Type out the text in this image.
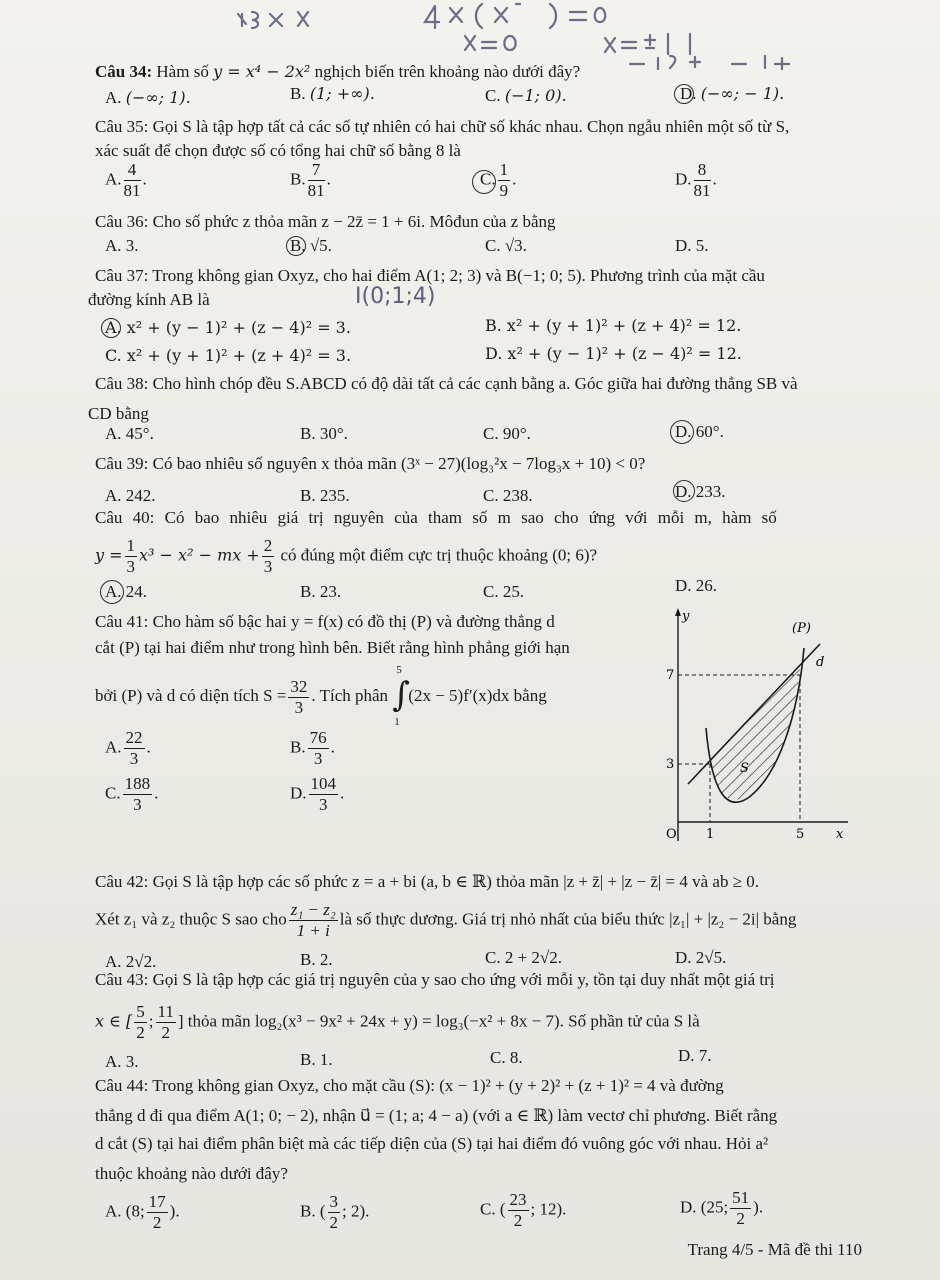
Câu 34: Hàm số y = x⁴ − 2x² nghịch biến trên khoảng nào dưới đây?
A. (−∞; 1).	B. (1; +∞).	C. (−1; 0).	D. (−∞; − 1).
Câu 35: Gọi S là tập hợp tất cả các số tự nhiên có hai chữ số khác nhau. Chọn ngẫu nhiên một số từ S,
xác suất để chọn được số có tổng hai chữ số bằng 8 là
A. $\frac{4}{81}$ .	B. $\frac{7}{81}$ .	C. $\frac{1}{9}$ .	D. $\frac{8}{81}$ .
Câu 36: Cho số phức z thỏa mãn z − 2z̄ = 1 + 6i. Môđun của z bằng
A. 3.	B. √5.	C. √3.	D. 5.
Câu 37: Trong không gian Oxyz, cho hai điểm A(1; 2; 3) và B(−1; 0; 5). Phương trình của mặt cầu
đường kính AB là	I(0;1;4)
A. x² + (y − 1)² + (z − 4)² = 3.	B. x² + (y + 1)² + (z + 4)² = 12.
C. x² + (y + 1)² + (z + 4)² = 3.	D. x² + (y − 1)² + (z − 4)² = 12.
Câu 38: Cho hình chóp đều S.ABCD có độ dài tất cả các cạnh bằng a. Góc giữa hai đường thẳng SB và
CD bằng
A. 45°.	B. 30°.	C. 90°.	D. 60°.
Câu 39: Có bao nhiêu số nguyên x thỏa mãn (3ˣ − 27)(log₃²x − 7log₃x + 10) < 0?
A. 242.	B. 235.	C. 238.	D. 233.
Câu 40: Có bao nhiêu giá trị nguyên của tham số m sao cho ứng với mỗi m, hàm số
$y = \frac{1}{3} x^3 - x^2$ − mx + $\frac{2}{3}$ có đúng một điểm cực trị thuộc khoảng (0; 6)?
A. 24.	B. 23.	C. 25.	D. 26.
Câu 41: Cho hàm số bậc hai y = f(x) có đồ thị (P) và đường thẳng d
cắt (P) tại hai điểm như trong hình bên. Biết rằng hình phẳng giới hạn
bởi (P) và d có diện tích $S = \frac{32}{3}$ . Tích phân
5
∫
1
(2x − 5)f′(x)dx bằng
A. $\frac{22}{3}$ .	B. $\frac{76}{3}$ .
C. $\frac{188}{3}$ .	D. $\frac{104}{3}$ .
y
x
O
(P)
d
S
7
3
1	5
Câu 42: Gọi S là tập hợp các số phức z = a + bi (a, b ∈ ℝ) thỏa mãn |z + z̄| + |z − z̄| = 4 và ab ≥ 0.
Xét z₁ và z₂ thuộc S sao cho $\frac{\text{z₁ − z₂}}{1 + i}$ là số thực dương. Giá trị nhỏ nhất của biểu thức |z₁| + |z₂ − 2i| bằng
A. 2√2.	B. 2.	C. 2 + 2√2.	D. 2√5.
Câu 43: Gọi S là tập hợp các giá trị nguyên của y sao cho ứng với mỗi y, tồn tại duy nhất một giá trị
x ∈ [ $\frac{5}{2}$ ; $\frac{11}{2}$ ] thỏa mãn log₂(x³ − 9x² + 24x + y) = log₃(−x² + 8x − 7). Số phần tử của S là
A. 3.	B. 1.	C. 8.	D. 7.
Câu 44: Trong không gian Oxyz, cho mặt cầu (S): (x − 1)² + (y + 2)² + (z + 1)² = 4 và đường
thẳng d đi qua điểm A(1; 0; − 2), nhận u⃗ = (1; a; 4 − a) (với a ∈ ℝ) làm vectơ chỉ phương. Biết rằng
d cắt (S) tại hai điểm phân biệt mà các tiếp diện của (S) tại hai điểm đó vuông góc với nhau. Hỏi a²
thuộc khoảng nào dưới đây?
A. (8; $\frac{17}{2}$ ).	B. ( $\frac{3}{2}$ ; 2).	C. ( $\frac{23}{2}$ ; 12).	D. (25; $\frac{51}{2}$ ).
Trang 4/5 - Mã đề thi 110
